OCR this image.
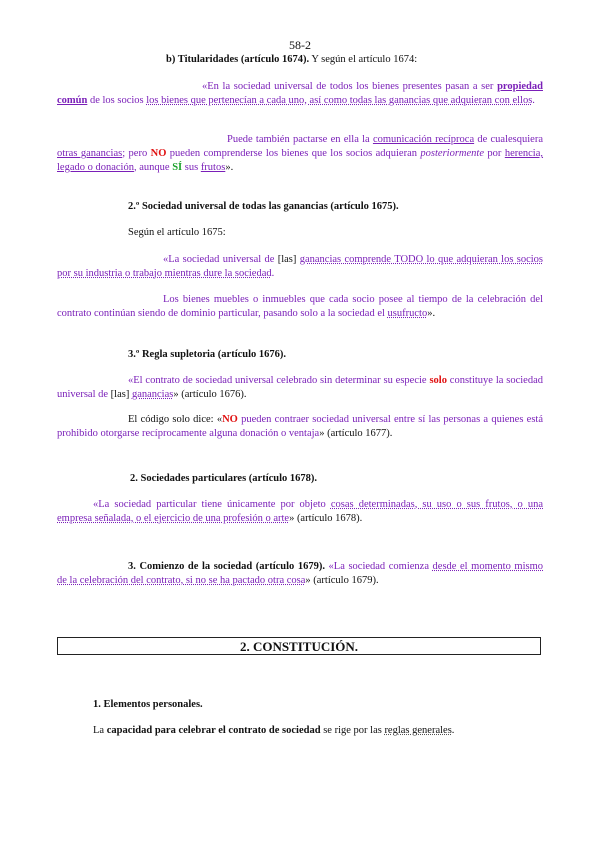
58-2
b) Titularidades (artículo 1674). Y según el artículo 1674:
«En la sociedad universal de todos los bienes presentes pasan a ser propiedad común de los socios los bienes que pertenecían a cada uno, así como todas las ganancias que adquieran con ellos.
Puede también pactarse en ella la comunicación recíproca de cualesquiera otras ganancias; pero NO pueden comprenderse los bienes que los socios adquieran posteriormente por herencia, legado o donación, aunque SÍ sus frutos».
2.º Sociedad universal de todas las ganancias (artículo 1675).
Según el artículo 1675:
«La sociedad universal de [las] ganancias comprende TODO lo que adquieran los socios por su industria o trabajo mientras dure la sociedad.
Los bienes muebles o inmuebles que cada socio posee al tiempo de la celebración del contrato continúan siendo de dominio particular, pasando solo a la sociedad el usufructo».
3.º Regla supletoria (artículo 1676).
«El contrato de sociedad universal celebrado sin determinar su especie solo constituye la sociedad universal de [las] ganancias» (artículo 1676).
El código solo dice: «NO pueden contraer sociedad universal entre sí las personas a quienes está prohibido otorgarse recíprocamente alguna donación o ventaja» (artículo 1677).
2. Sociedades particulares (artículo 1678).
«La sociedad particular tiene únicamente por objeto cosas determinadas, su uso o sus frutos, o una empresa señalada, o el ejercicio de una profesión o arte» (artículo 1678).
3. Comienzo de la sociedad (artículo 1679). «La sociedad comienza desde el momento mismo de la celebración del contrato, si no se ha pactado otra cosa» (artículo 1679).
2. CONSTITUCIÓN.
1. Elementos personales.
La capacidad para celebrar el contrato de sociedad se rige por las reglas generales.
